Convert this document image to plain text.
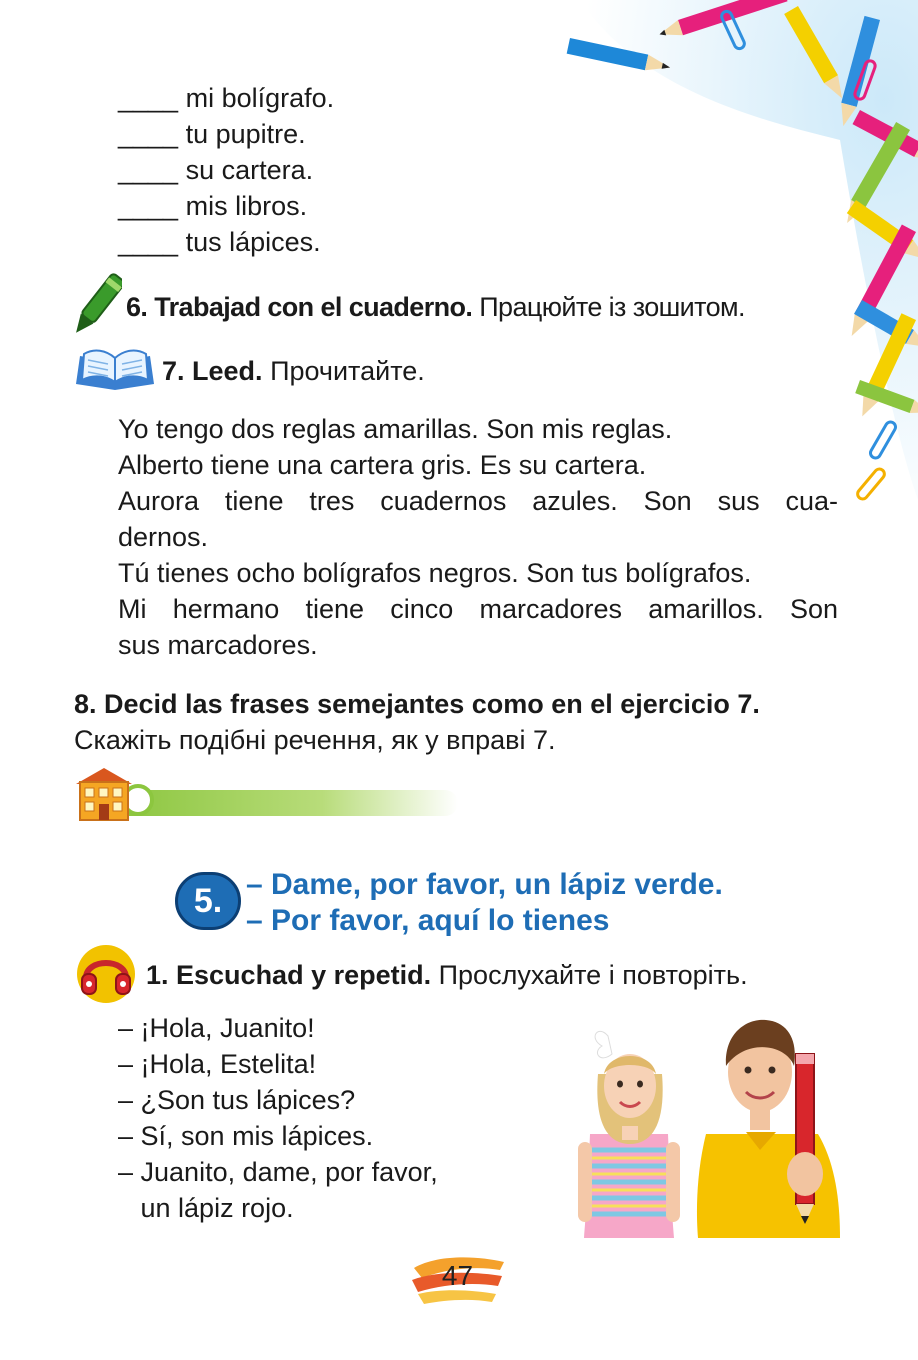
____ mi bolígrafo.
____ tu pupitre.
____ su cartera.
____ mis libros.
____ tus lápices.
6. Trabajad con el cuaderno. Працюйте із зошитом.
7. Leed. Прочитайте.
Yo tengo dos reglas amarillas. Son mis reglas.
Alberto tiene una cartera gris. Es su cartera.
Aurora tiene tres cuadernos azules. Son sus cua-
dernos.
Tú tienes ocho bolígrafos negros. Son tus bolígrafos.
Mi hermano tiene cinco marcadores amarillos. Son
sus marcadores.
8. Decid las frases semejantes como en el ejercicio 7.
Скажіть подібні речення, як у вправі 7.
5. – Dame, por favor, un lápiz verde.
– Por favor, aquí lo tienes
1. Escuchad y repetid. Прослухайте і повторіть.
– ¡Hola, Juanito!
– ¡Hola, Estelita!
– ¿Son tus lápices?
– Sí, son mis lápices.
– Juanito, dame, por favor,
un lápiz rojo.
47
